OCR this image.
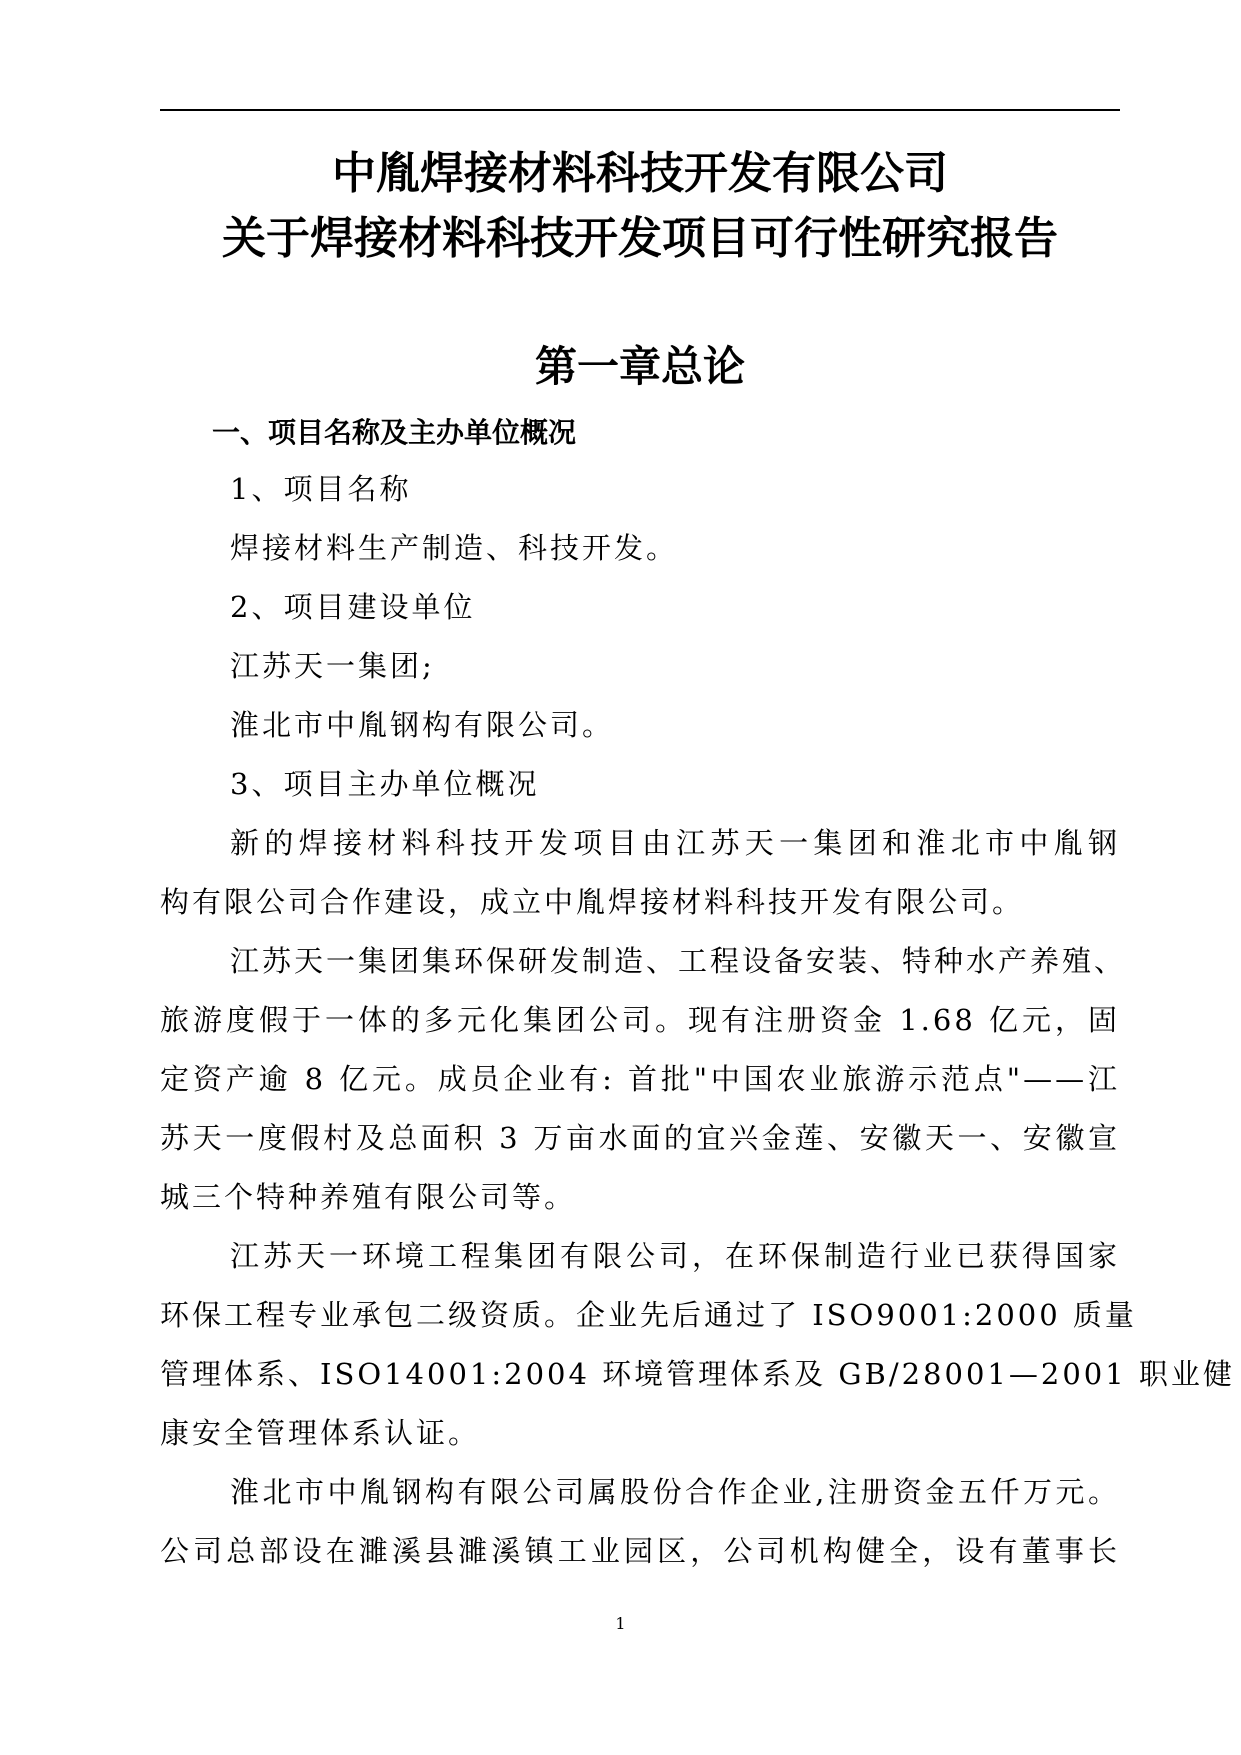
中胤焊接材料科技开发有限公司
关于焊接材料科技开发项目可行性研究报告
第一章总论
一、项目名称及主办单位概况
1、项目名称
焊接材料生产制造、科技开发。
2、项目建设单位
江苏天一集团;
淮北市中胤钢构有限公司。
3、项目主办单位概况
新的焊接材料科技开发项目由江苏天一集团和淮北市中胤钢
构有限公司合作建设，成立中胤焊接材料科技开发有限公司。
江苏天一集团集环保研发制造、工程设备安装、特种水产养殖、
旅游度假于一体的多元化集团公司。现有注册资金 1.68 亿元，固
定资产逾 8 亿元。成员企业有: 首批"中国农业旅游示范点"——江
苏天一度假村及总面积 3 万亩水面的宜兴金莲、安徽天一、安徽宣
城三个特种养殖有限公司等。
江苏天一环境工程集团有限公司，在环保制造行业已获得国家
环保工程专业承包二级资质。企业先后通过了 ISO9001:2000 质量
管理体系、ISO14001:2004 环境管理体系及 GB/28001—2001 职业健
康安全管理体系认证。
淮北市中胤钢构有限公司属股份合作企业,注册资金五仟万元。
公司总部设在濉溪县濉溪镇工业园区，公司机构健全，设有董事长
1
